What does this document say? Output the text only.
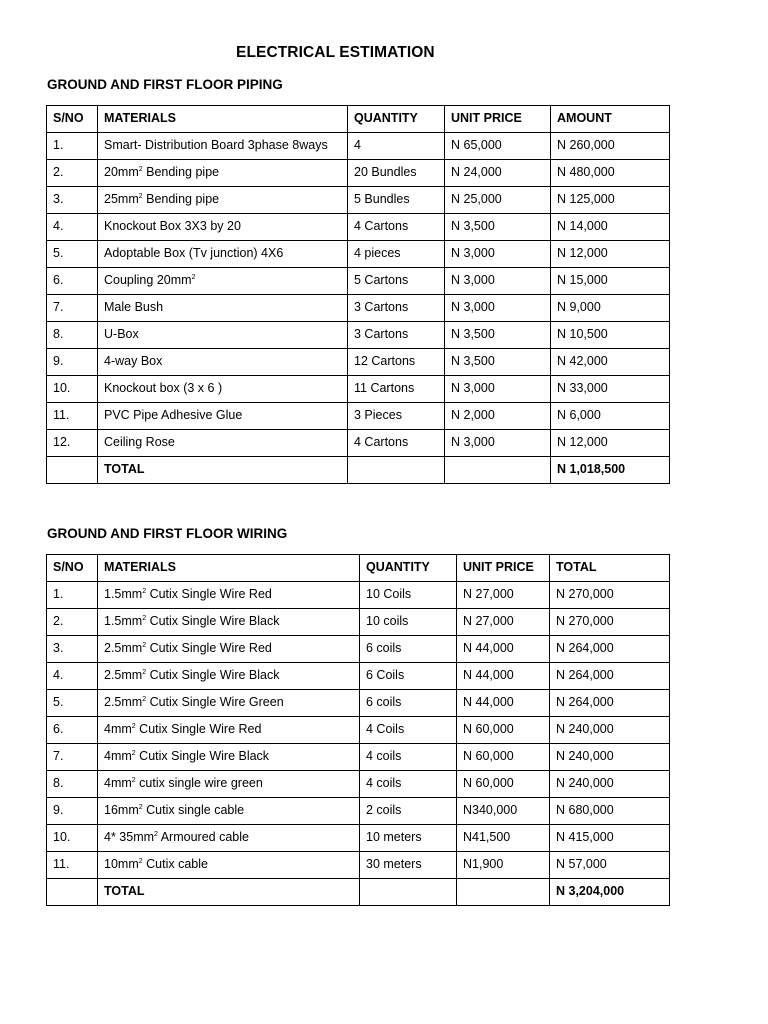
ELECTRICAL ESTIMATION
GROUND AND FIRST FLOOR PIPING
S/NO	MATERIALS	QUANTITY	UNIT PRICE	AMOUNT
1.	Smart- Distribution Board 3phase 8ways	4	N 65,000	N 260,000
2.	$20mm^2$ Bending pipe	20 Bundles	N 24,000	N 480,000
3.	$25mm^2$ Bending pipe	5 Bundles	N 25,000	N 125,000
4.	Knockout Box 3X3 by 20	4 Cartons	N 3,500	N 14,000
5.	Adoptable Box (Tv junction) 4X6	4 pieces	N 3,000	N 12,000
6.	Coupling $20mm^2$	5 Cartons	N 3,000	N 15,000
7.	Male Bush	3 Cartons	N 3,000	N 9,000
8.	U-Box	3 Cartons	N 3,500	N 10,500
9.	4-way Box	12 Cartons	N 3,500	N 42,000
10.	Knockout box (3 x 6 )	11 Cartons	N 3,000	N 33,000
11.	PVC Pipe Adhesive Glue	3 Pieces	N 2,000	N 6,000
12.	Ceiling Rose	4 Cartons	N 3,000	N 12,000
	TOTAL			N 1,018,500
GROUND AND FIRST FLOOR WIRING
S/NO	MATERIALS	QUANTITY	UNIT PRICE	TOTAL
1.	$1.5mm^2$ Cutix Single Wire Red	10 Coils	N 27,000	N 270,000
2.	$1.5mm^2$ Cutix Single Wire Black	10 coils	N 27,000	N 270,000
3.	$2.5mm^2$ Cutix Single Wire Red	6 coils	N 44,000	N 264,000
4.	$2.5mm^2$ Cutix Single Wire Black	6 Coils	N 44,000	N 264,000
5.	$2.5mm^2$ Cutix Single Wire Green	6 coils	N 44,000	N 264,000
6.	$4mm^2$ Cutix Single Wire Red	4 Coils	N 60,000	N 240,000
7.	$4mm^2$ Cutix Single Wire Black	4 coils	N 60,000	N 240,000
8.	$4mm^2$ cutix single wire green	4 coils	N 60,000	N 240,000
9.	$16mm^2$ Cutix single cable	2 coils	N340,000	N 680,000
10.	4* $35mm^2$ Armoured cable	10 meters	N41,500	N 415,000
11.	$10mm^2$ Cutix cable	30 meters	N1,900	N 57,000
	TOTAL			N 3,204,000
